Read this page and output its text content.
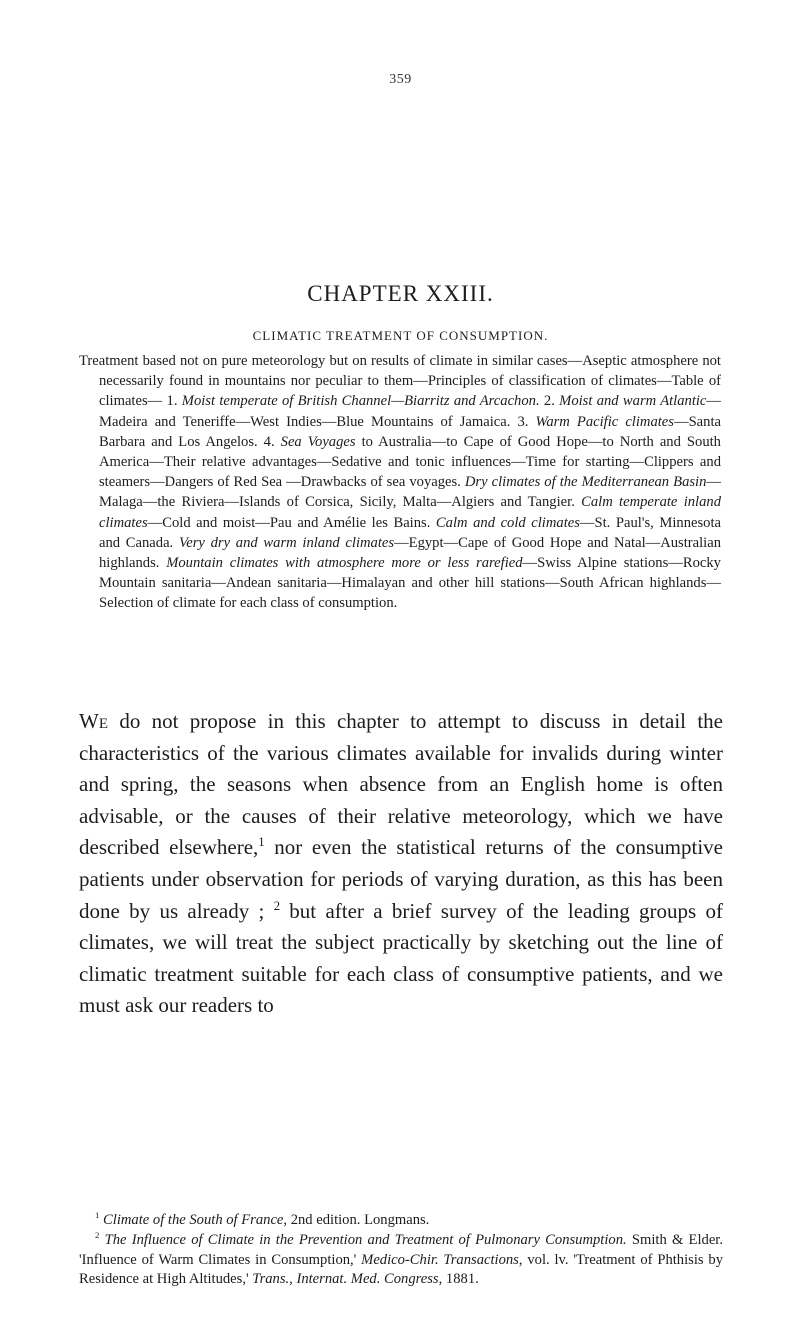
359
CHAPTER XXIII.
CLIMATIC TREATMENT OF CONSUMPTION.

Treatment based not on pure meteorology but on results of climate in similar cases—Aseptic atmosphere not necessarily found in mountains nor peculiar to them—Principles of classification of climates—Table of climates— 1. Moist temperate of British Channel—Biarritz and Arcachon. 2. Moist and warm Atlantic—Madeira and Teneriffe—West Indies—Blue Mountains of Jamaica. 3. Warm Pacific climates—Santa Barbara and Los Angelos. 4. Sea Voyages to Australia—to Cape of Good Hope—to North and South America—Their relative advantages—Sedative and tonic influences—Time for starting—Clippers and steamers—Dangers of Red Sea —Drawbacks of sea voyages. Dry climates of the Mediterranean Basin— Malaga—the Riviera—Islands of Corsica, Sicily, Malta—Algiers and Tangier. Calm temperate inland climates—Cold and moist—Pau and Amélie les Bains. Calm and cold climates—St. Paul's, Minnesota and Canada. Very dry and warm inland climates—Egypt—Cape of Good Hope and Natal—Australian highlands. Mountain climates with atmosphere more or less rarefied—Swiss Alpine stations—Rocky Mountain sanitaria—Andean sanitaria—Himalayan and other hill stations—South African highlands—Selection of climate for each class of consumption.

We do not propose in this chapter to attempt to discuss in detail the characteristics of the various climates available for invalids during winter and spring, the seasons when absence from an English home is often advisable, or the causes of their relative meteorology, which we have described elsewhere,$^1$ nor even the statistical returns of the consumptive patients under observation for periods of varying duration, as this has been done by us already ; $^2$ but after a brief survey of the leading groups of climates, we will treat the subject practically by sketching out the line of climatic treatment suitable for each class of consumptive patients, and we must ask our readers to

$^1$ Climate of the South of France, 2nd edition. Longmans.

$^2$ The Influence of Climate in the Prevention and Treatment of Pulmonary Consumption. Smith & Elder. 'Influence of Warm Climates in Consumption,' Medico-Chir. Transactions, vol. lv. 'Treatment of Phthisis by Residence at High Altitudes,' Trans., Internat. Med. Congress, 1881.
